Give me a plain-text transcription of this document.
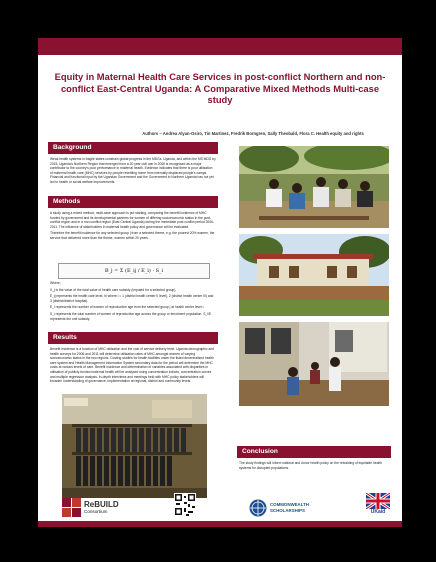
Equity in Maternal Health Care Services in post-conflict Northern and non-conflict East-Central Uganda: A Comparative Mixed Methods Multi-case study
Authors – Andrea Alyan-Osiro, Tin Martinez, Fredrik Borngren, Sally Theobald, Flora C. Health equity and rights
Background
Weak health systems in fragile states constrain global progress in the MDGs. Uganda, and within the MS MDG by 2015, Uganda's Northern Region that emerged from a 20 year civil war in 2006 is recognised as a major contributor to the country's poor performance in maternal health. Evidence indicates that there is poor utilisation of maternal health care (MHC) services by people resettling home from internally displaced people's camps. Financial and functional input by the Ugandan Government and the Government in Northern Uganda has not yet led to health or social welfare improvements.
Methods

A study using a mixed method, multi-case approach is put starting, comparing the benefit incidence of MHC funded by government and its developmental partners for women of differing socioeconomic status in the post-conflict region and in a non-conflict region (East Central Uganda) during the immediate post conflict period 2006-2011. The influence of stakeholders in maternal health policy and governance will be evaluated.

Therefore the benefit incidence for any selected group j from a selected theme, e.g. the poorest 20% women, the service that delivered more than the theme, women within 20 years.

B_j = Σ (E_ij / E_i) · S_i

Where,

X_j is the value of the total value of health care subsidy (imputed for a selected group),

E_ij represents the health care level, hi where i = 1 (district health center II level), 2 (district health center III) and 3 (district/district hospital).

E_i represents the number of women of reproductive age from the selected group j at health center level i.

S_i represents the total number of women of reproductive age across the group or enrolment population. S_i/E represents the unit subsidy.

Results
Benefit incidence is a function of MHC utilisation and the cost of service delivery level. Uganda demographic and health surveys for 2006 and 2011 will determine utilisation rates of MHC amongst women of varying socioeconomic status in the two regions. Costing studies for health facilities under the listed decentralised health care system and Health Management Information System secondary data for the period will determine the MHC costs at various levels of care. Benefit incidence and determination of variables associated with disparities in utilisation of publicly-funded maternal health will be analysed using concentration indices, concentration curves and multiple regression analysis. In-depth interviews and meetings held with MHC policy stakeholders will broaden understanding of governance, implementation at regional, district and community levels.
Conclusion
The study findings will inform national and donor health policy on the rebuilding of equitable health systems for disrupted populations.
ReBUILD
Consortium
COMMONWEALTH
SCHOLARSHIPS	UKaid
